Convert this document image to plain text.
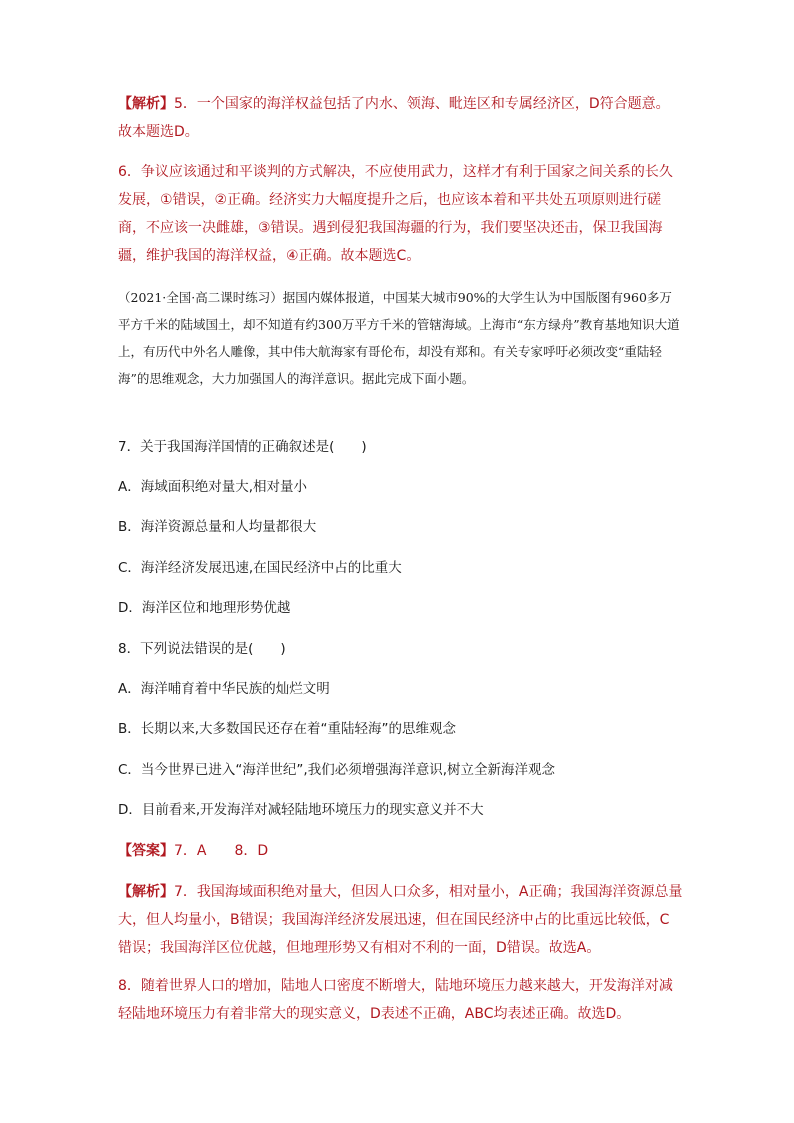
【解析】5．一个国家的海洋权益包括了内水、领海、毗连区和专属经济区，D符合题意。故本题选D。
6．争议应该通过和平谈判的方式解决，不应使用武力，这样才有利于国家之间关系的长久发展，①错误，②正确。经济实力大幅度提升之后，也应该本着和平共处五项原则进行磋商，不应该一决雌雄，③错误。遇到侵犯我国海疆的行为，我们要坚决还击，保卫我国海疆，维护我国的海洋权益，④正确。故本题选C。
（2021·全国·高二课时练习）据国内媒体报道，中国某大城市90%的大学生认为中国版图有960多万平方千米的陆域国土，却不知道有约300万平方千米的管辖海域。上海市“东方绿舟”教育基地知识大道上，有历代中外名人雕像，其中伟大航海家有哥伦布，却没有郑和。有关专家呼吁必须改变“重陆轻海”的思维观念，大力加强国人的海洋意识。据此完成下面小题。
7．关于我国海洋国情的正确叙述是(　　)
A．海域面积绝对量大,相对量小
B．海洋资源总量和人均量都很大
C．海洋经济发展迅速,在国民经济中占的比重大
D．海洋区位和地理形势优越
8．下列说法错误的是(　　)
A．海洋哺育着中华民族的灿烂文明
B．长期以来,大多数国民还存在着“重陆轻海”的思维观念
C．当今世界已进入“海洋世纪”,我们必须增强海洋意识,树立全新海洋观念
D．目前看来,开发海洋对减轻陆地环境压力的现实意义并不大
【答案】7．A　　8．D
【解析】7．我国海域面积绝对量大，但因人口众多，相对量小，A正确；我国海洋资源总量大，但人均量小，B错误；我国海洋经济发展迅速，但在国民经济中占的比重远比较低，C错误；我国海洋区位优越，但地理形势又有相对不利的一面，D错误。故选A。
8．随着世界人口的增加，陆地人口密度不断增大，陆地环境压力越来越大，开发海洋对减轻陆地环境压力有着非常大的现实意义，D表述不正确，ABC均表述正确。故选D。
